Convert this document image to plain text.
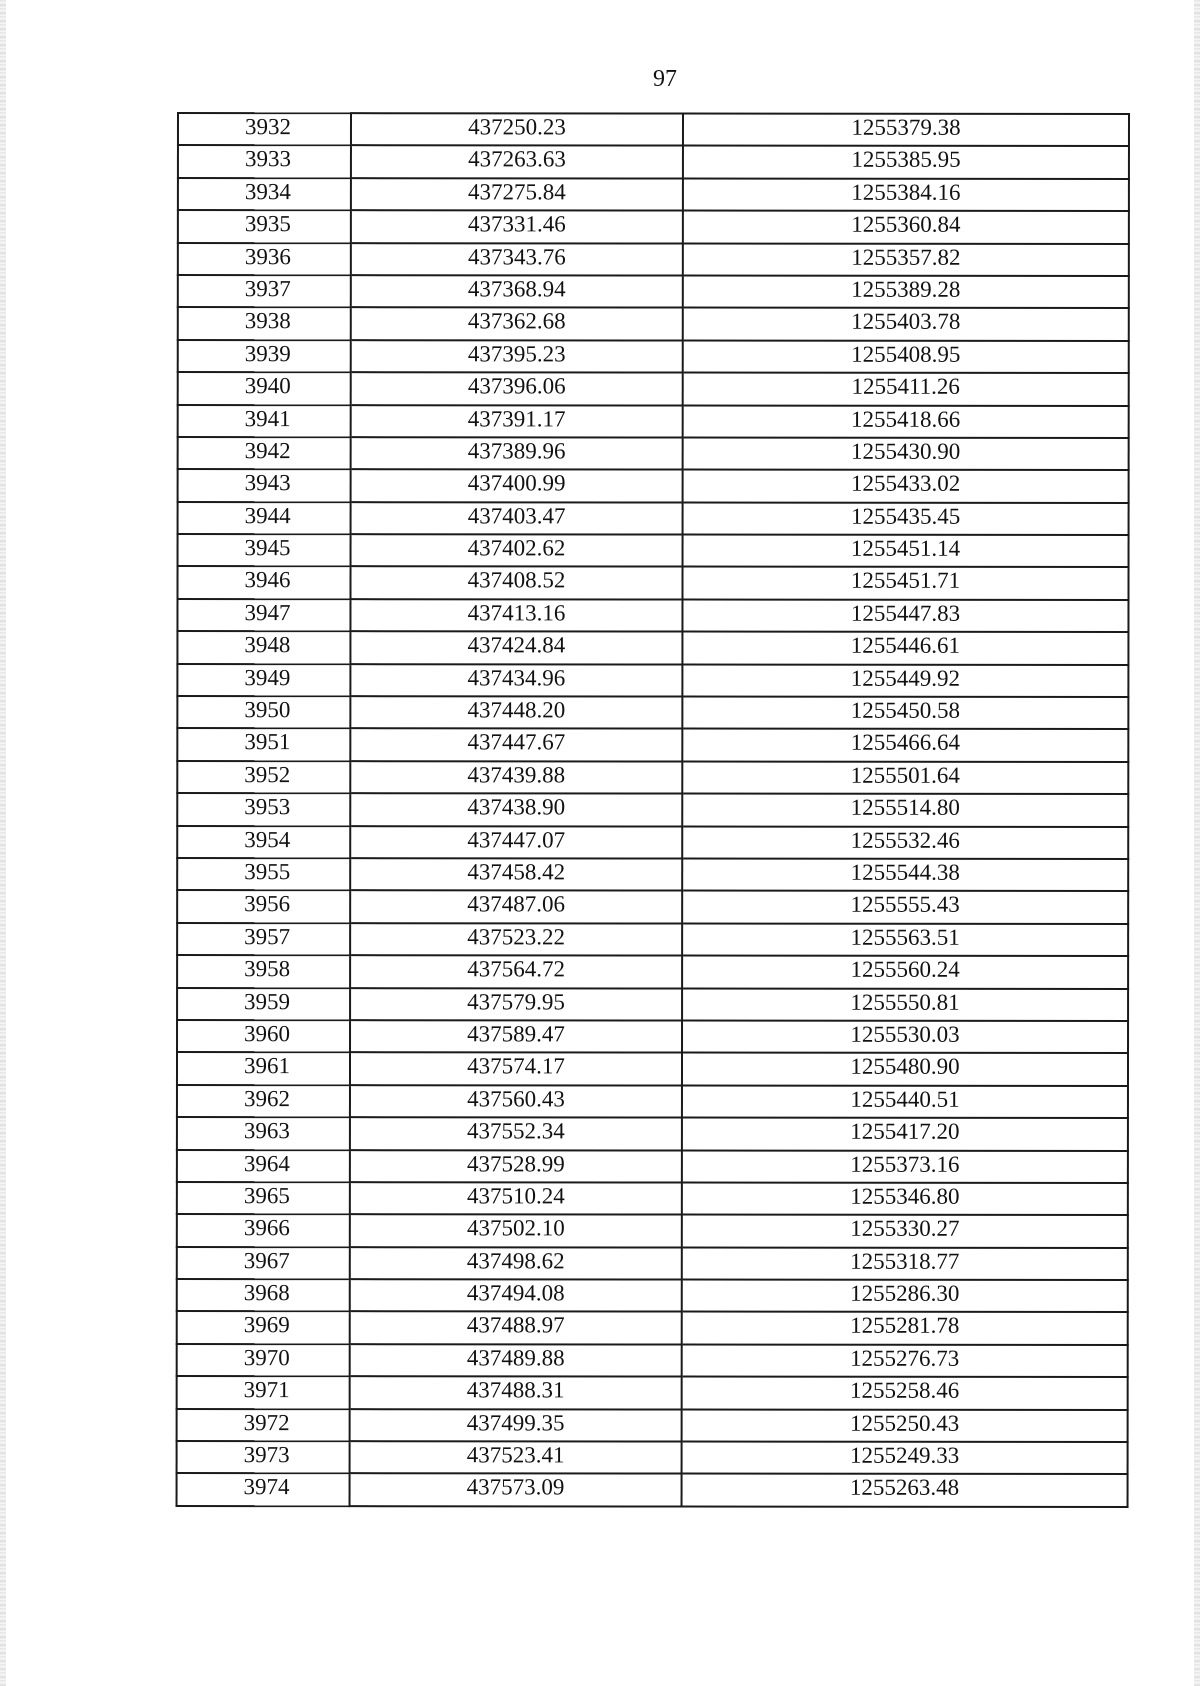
97
3932	437250.23	1255379.38
3933	437263.63	1255385.95
3934	437275.84	1255384.16
3935	437331.46	1255360.84
3936	437343.76	1255357.82
3937	437368.94	1255389.28
3938	437362.68	1255403.78
3939	437395.23	1255408.95
3940	437396.06	1255411.26
3941	437391.17	1255418.66
3942	437389.96	1255430.90
3943	437400.99	1255433.02
3944	437403.47	1255435.45
3945	437402.62	1255451.14
3946	437408.52	1255451.71
3947	437413.16	1255447.83
3948	437424.84	1255446.61
3949	437434.96	1255449.92
3950	437448.20	1255450.58
3951	437447.67	1255466.64
3952	437439.88	1255501.64
3953	437438.90	1255514.80
3954	437447.07	1255532.46
3955	437458.42	1255544.38
3956	437487.06	1255555.43
3957	437523.22	1255563.51
3958	437564.72	1255560.24
3959	437579.95	1255550.81
3960	437589.47	1255530.03
3961	437574.17	1255480.90
3962	437560.43	1255440.51
3963	437552.34	1255417.20
3964	437528.99	1255373.16
3965	437510.24	1255346.80
3966	437502.10	1255330.27
3967	437498.62	1255318.77
3968	437494.08	1255286.30
3969	437488.97	1255281.78
3970	437489.88	1255276.73
3971	437488.31	1255258.46
3972	437499.35	1255250.43
3973	437523.41	1255249.33
3974	437573.09	1255263.48
